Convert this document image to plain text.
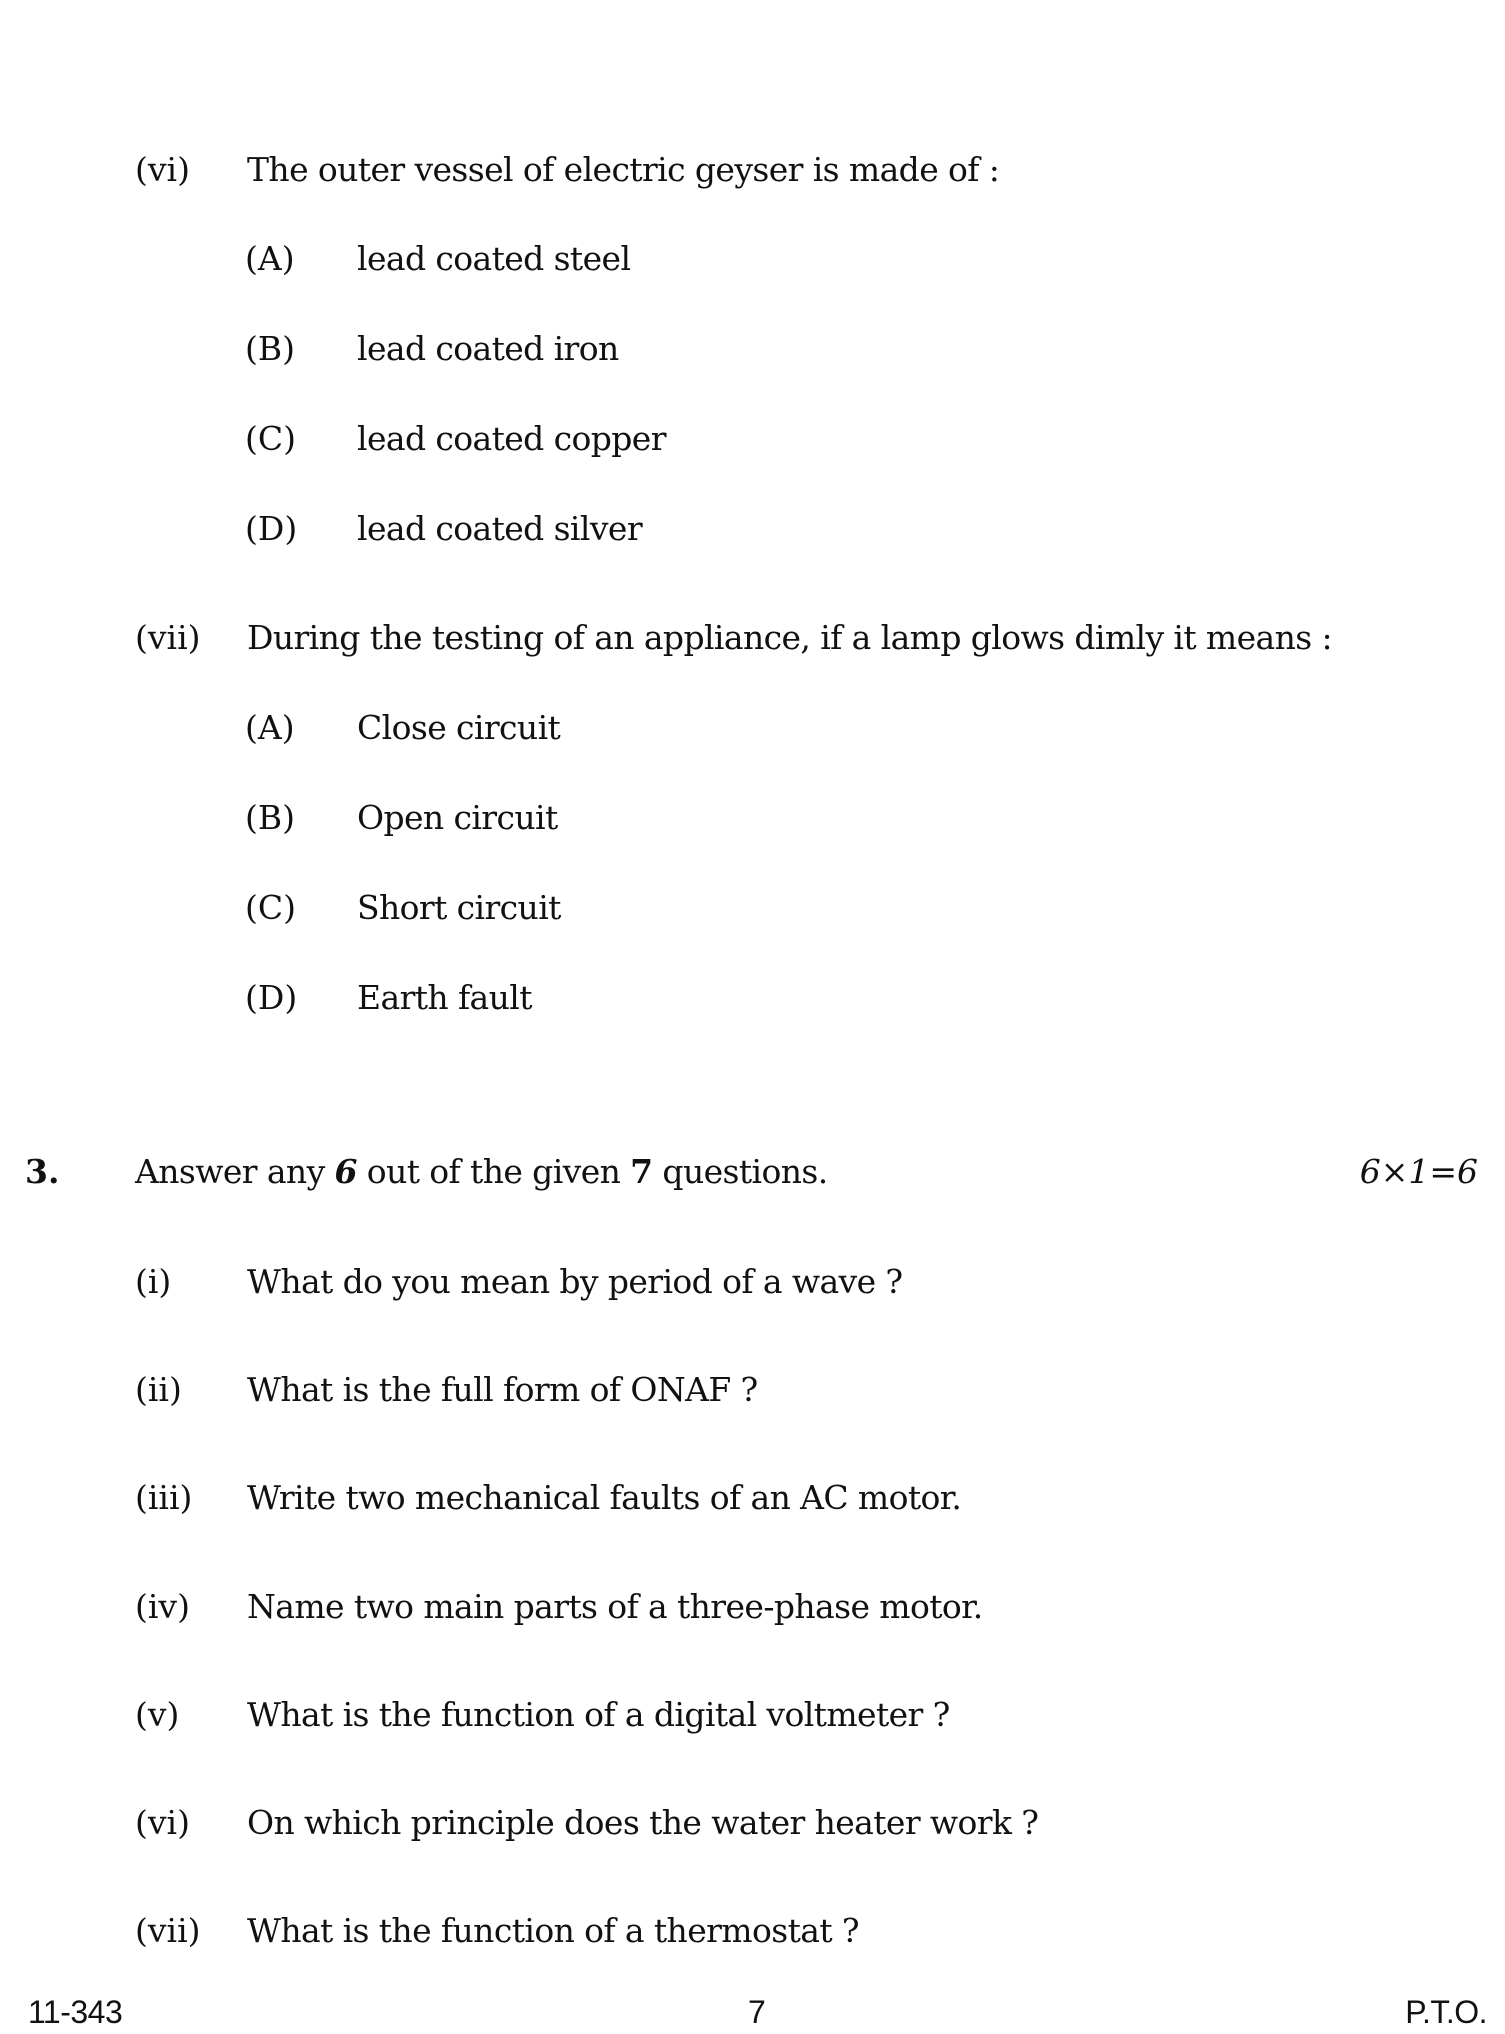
(vi) The outer vessel of electric geyser is made of :
(A) lead coated steel
(B) lead coated iron
(C) lead coated copper
(D) lead coated silver
(vii) During the testing of an appliance, if a lamp glows dimly it means :
(A) Close circuit
(B) Open circuit
(C) Short circuit
(D) Earth fault
3. Answer any 6 out of the given 7 questions.	6×1=6
(i) What do you mean by period of a wave ?
(ii) What is the full form of ONAF ?
(iii) Write two mechanical faults of an AC motor.
(iv) Name two main parts of a three-phase motor.
(v) What is the function of a digital voltmeter ?
(vi) On which principle does the water heater work ?
(vii) What is the function of a thermostat ?
11-343	7	P.T.O.
